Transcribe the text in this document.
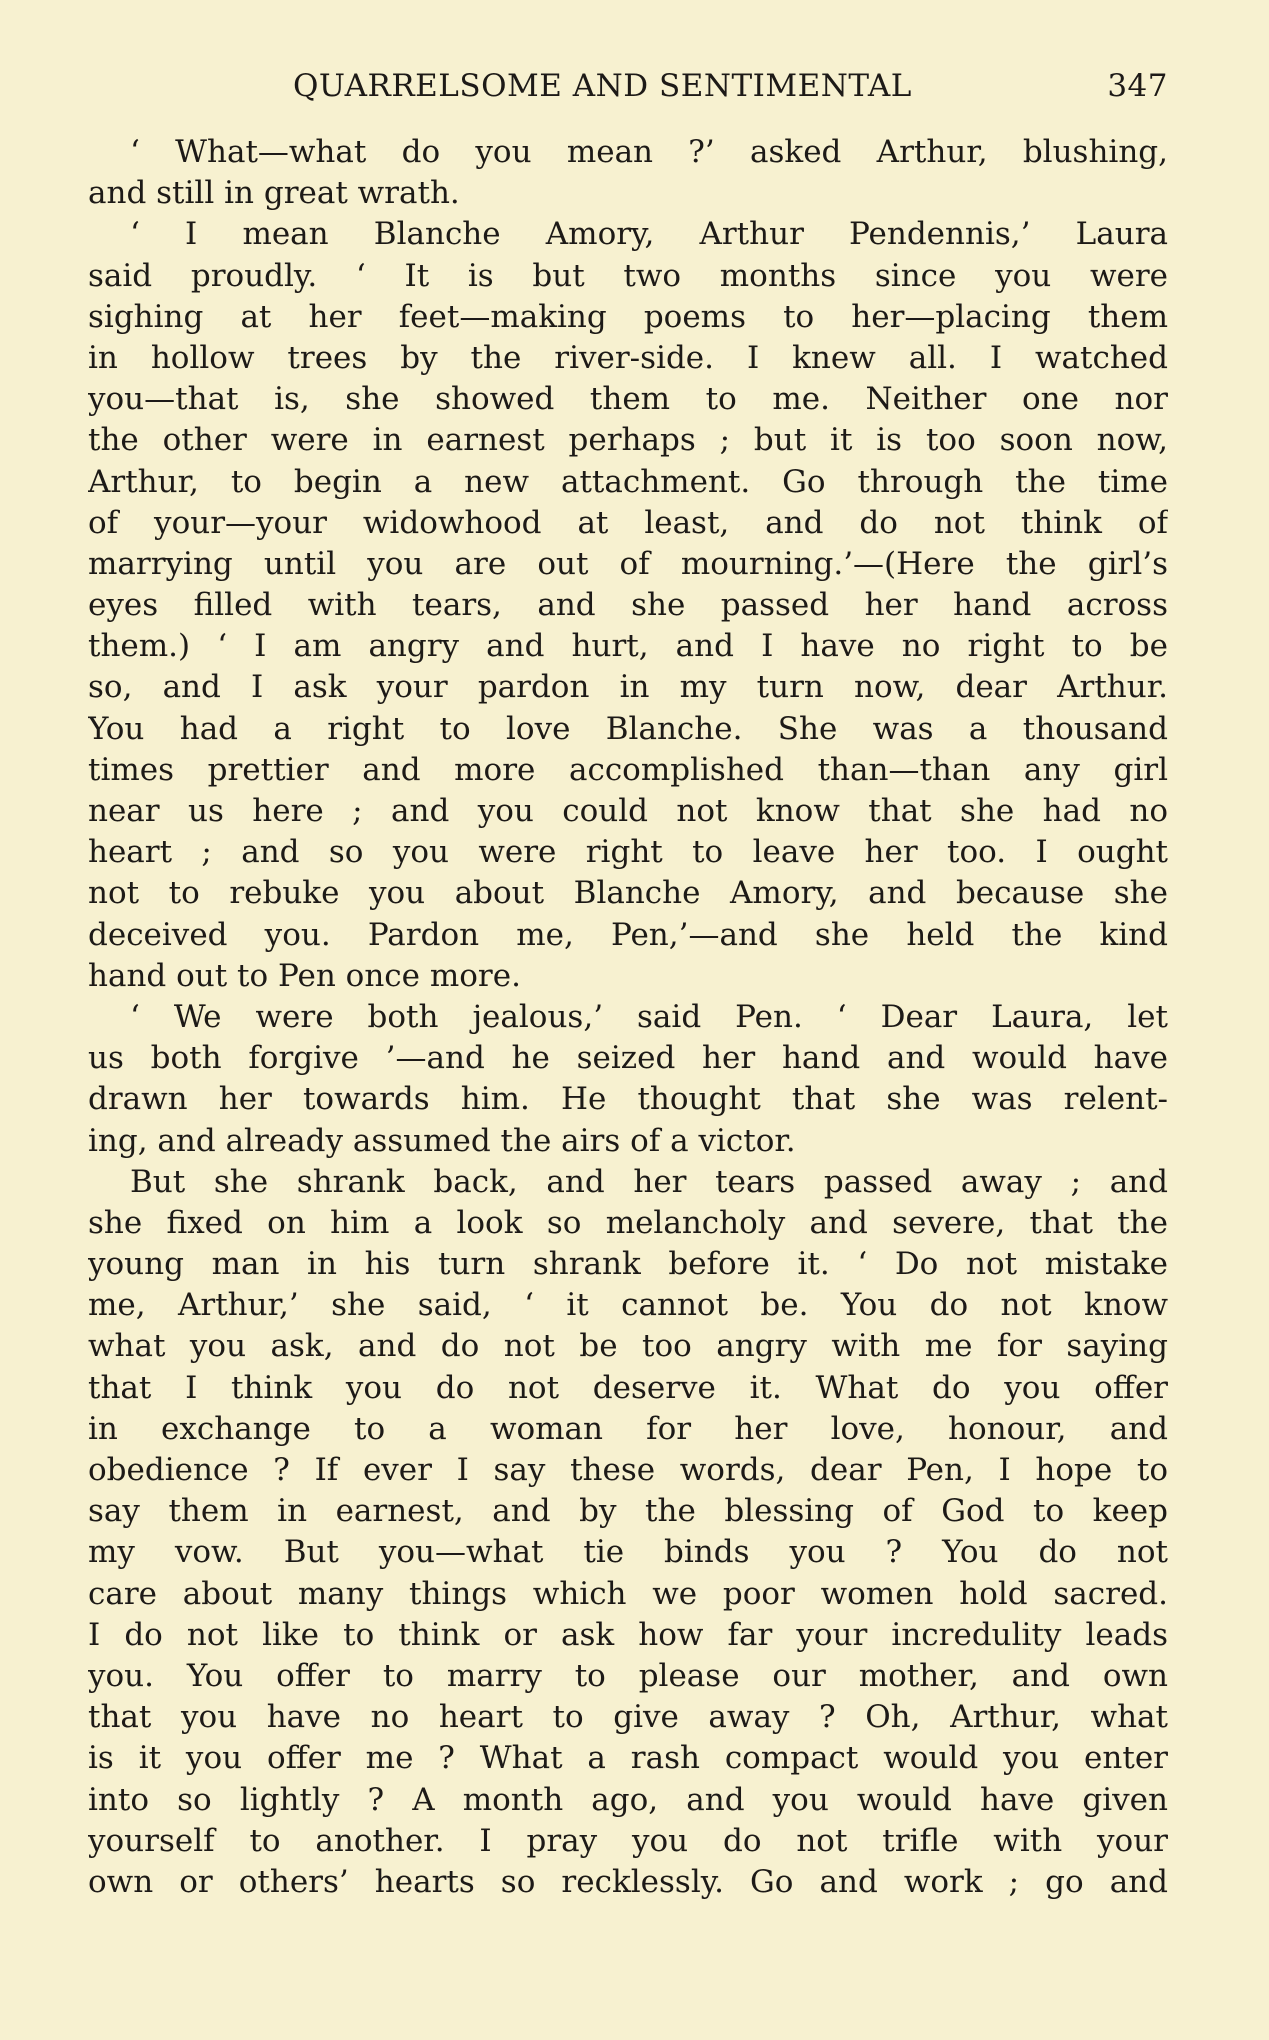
QUARRELSOME AND SENTIMENTAL	347
‘ What—what do you mean ?’ asked Arthur, blushing,
and still in great wrath.
‘ I mean Blanche Amory, Arthur Pendennis,’ Laura
said proudly. ‘ It is but two months since you were
sighing at her feet—making poems to her—placing them
in hollow trees by the river-side. I knew all. I watched
you—that is, she showed them to me. Neither one nor
the other were in earnest perhaps ; but it is too soon now,
Arthur, to begin a new attachment. Go through the time
of your—your widowhood at least, and do not think of
marrying until you are out of mourning.’—(Here the girl’s
eyes filled with tears, and she passed her hand across
them.) ‘ I am angry and hurt, and I have no right to be
so, and I ask your pardon in my turn now, dear Arthur.
You had a right to love Blanche. She was a thousand
times prettier and more accomplished than—than any girl
near us here ; and you could not know that she had no
heart ; and so you were right to leave her too. I ought
not to rebuke you about Blanche Amory, and because she
deceived you. Pardon me, Pen,’—and she held the kind
hand out to Pen once more.
‘ We were both jealous,’ said Pen. ‘ Dear Laura, let
us both forgive ’—and he seized her hand and would have
drawn her towards him. He thought that she was relent-
ing, and already assumed the airs of a victor.
But she shrank back, and her tears passed away ; and
she fixed on him a look so melancholy and severe, that the
young man in his turn shrank before it. ‘ Do not mistake
me, Arthur,’ she said, ‘ it cannot be. You do not know
what you ask, and do not be too angry with me for saying
that I think you do not deserve it. What do you offer
in exchange to a woman for her love, honour, and
obedience ? If ever I say these words, dear Pen, I hope to
say them in earnest, and by the blessing of God to keep
my vow. But you—what tie binds you ? You do not
care about many things which we poor women hold sacred.
I do not like to think or ask how far your incredulity leads
you. You offer to marry to please our mother, and own
that you have no heart to give away ? Oh, Arthur, what
is it you offer me ? What a rash compact would you enter
into so lightly ? A month ago, and you would have given
yourself to another. I pray you do not trifle with your
own or others’ hearts so recklessly. Go and work ; go and
